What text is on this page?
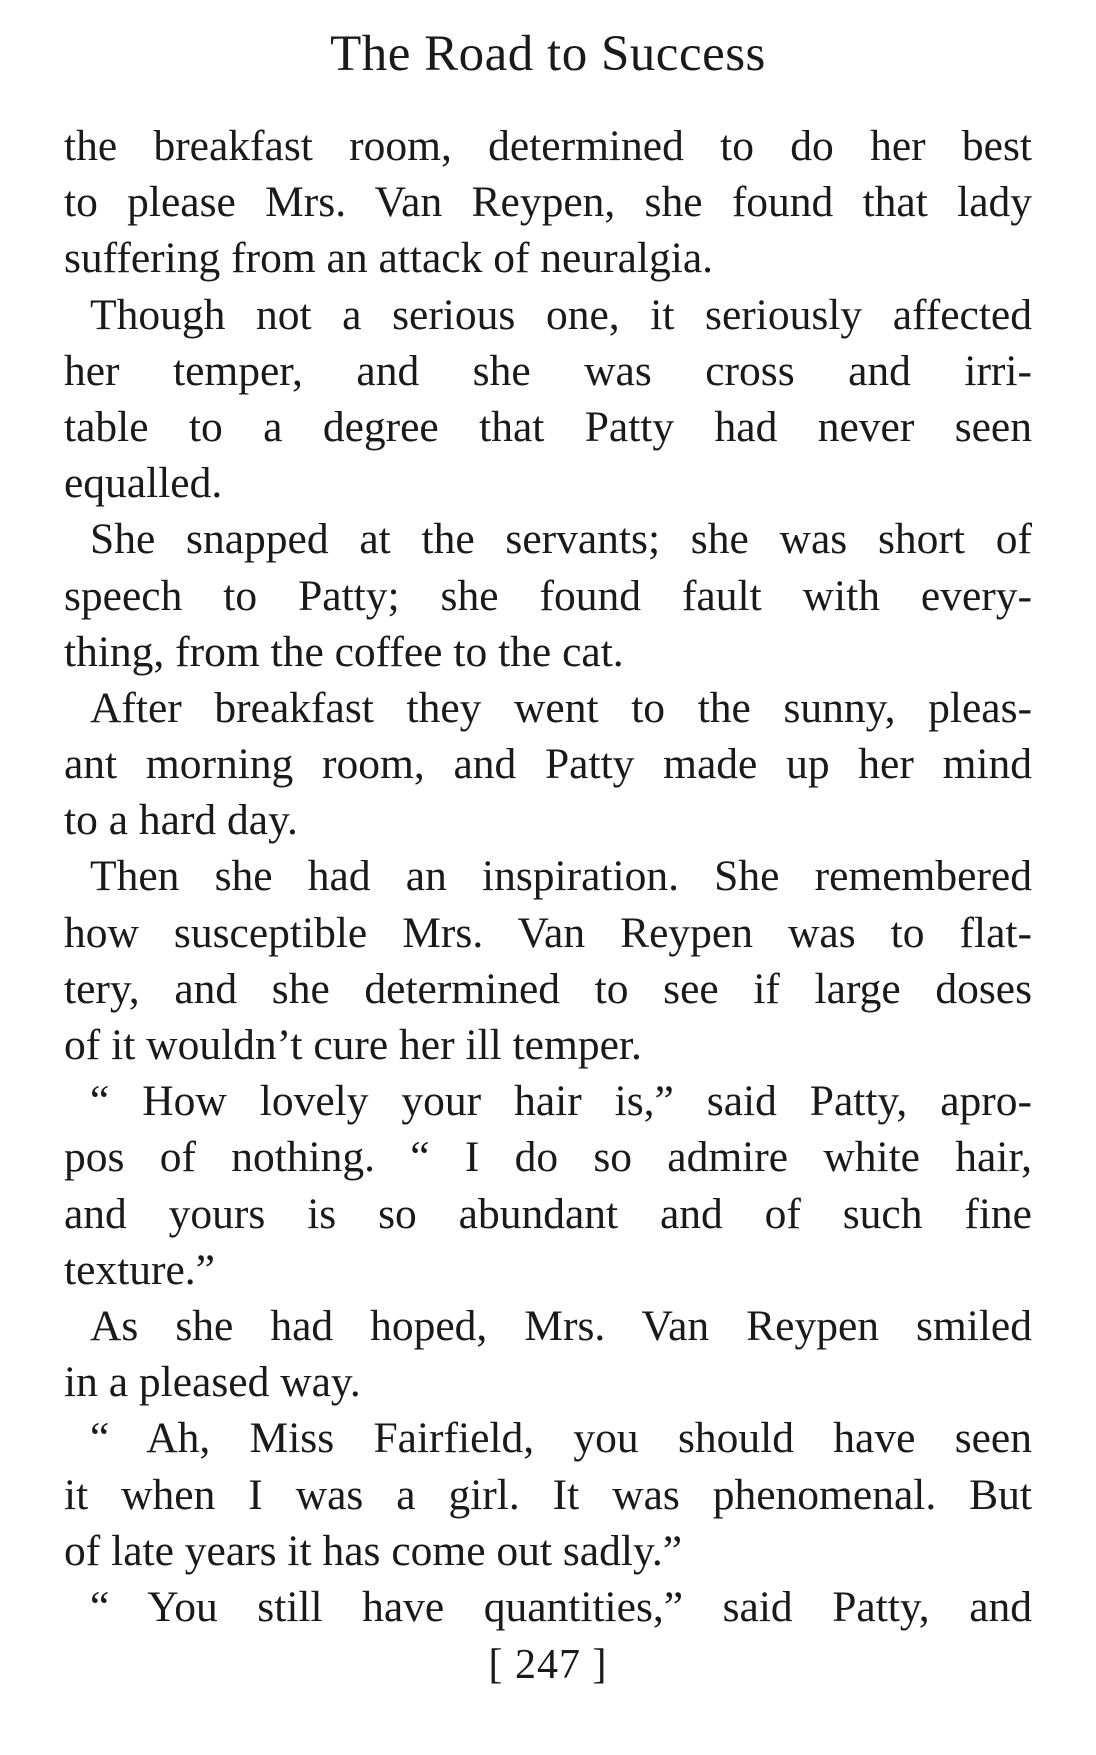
The Road to Success
the breakfast room, determined to do her best
to please Mrs. Van Reypen, she found that lady
suffering from an attack of neuralgia.
Though not a serious one, it seriously affected
her temper, and she was cross and irri-
table to a degree that Patty had never seen
equalled.
She snapped at the servants; she was short of
speech to Patty; she found fault with every-
thing, from the coffee to the cat.
After breakfast they went to the sunny, pleas-
ant morning room, and Patty made up her mind
to a hard day.
Then she had an inspiration. She remembered
how susceptible Mrs. Van Reypen was to flat-
tery, and she determined to see if large doses
of it wouldn’t cure her ill temper.
“ How lovely your hair is,” said Patty, apro-
pos of nothing. “ I do so admire white hair,
and yours is so abundant and of such fine
texture.”
As she had hoped, Mrs. Van Reypen smiled
in a pleased way.
“ Ah, Miss Fairfield, you should have seen
it when I was a girl. It was phenomenal. But
of late years it has come out sadly.”
“ You still have quantities,” said Patty, and
[ 247 ]
